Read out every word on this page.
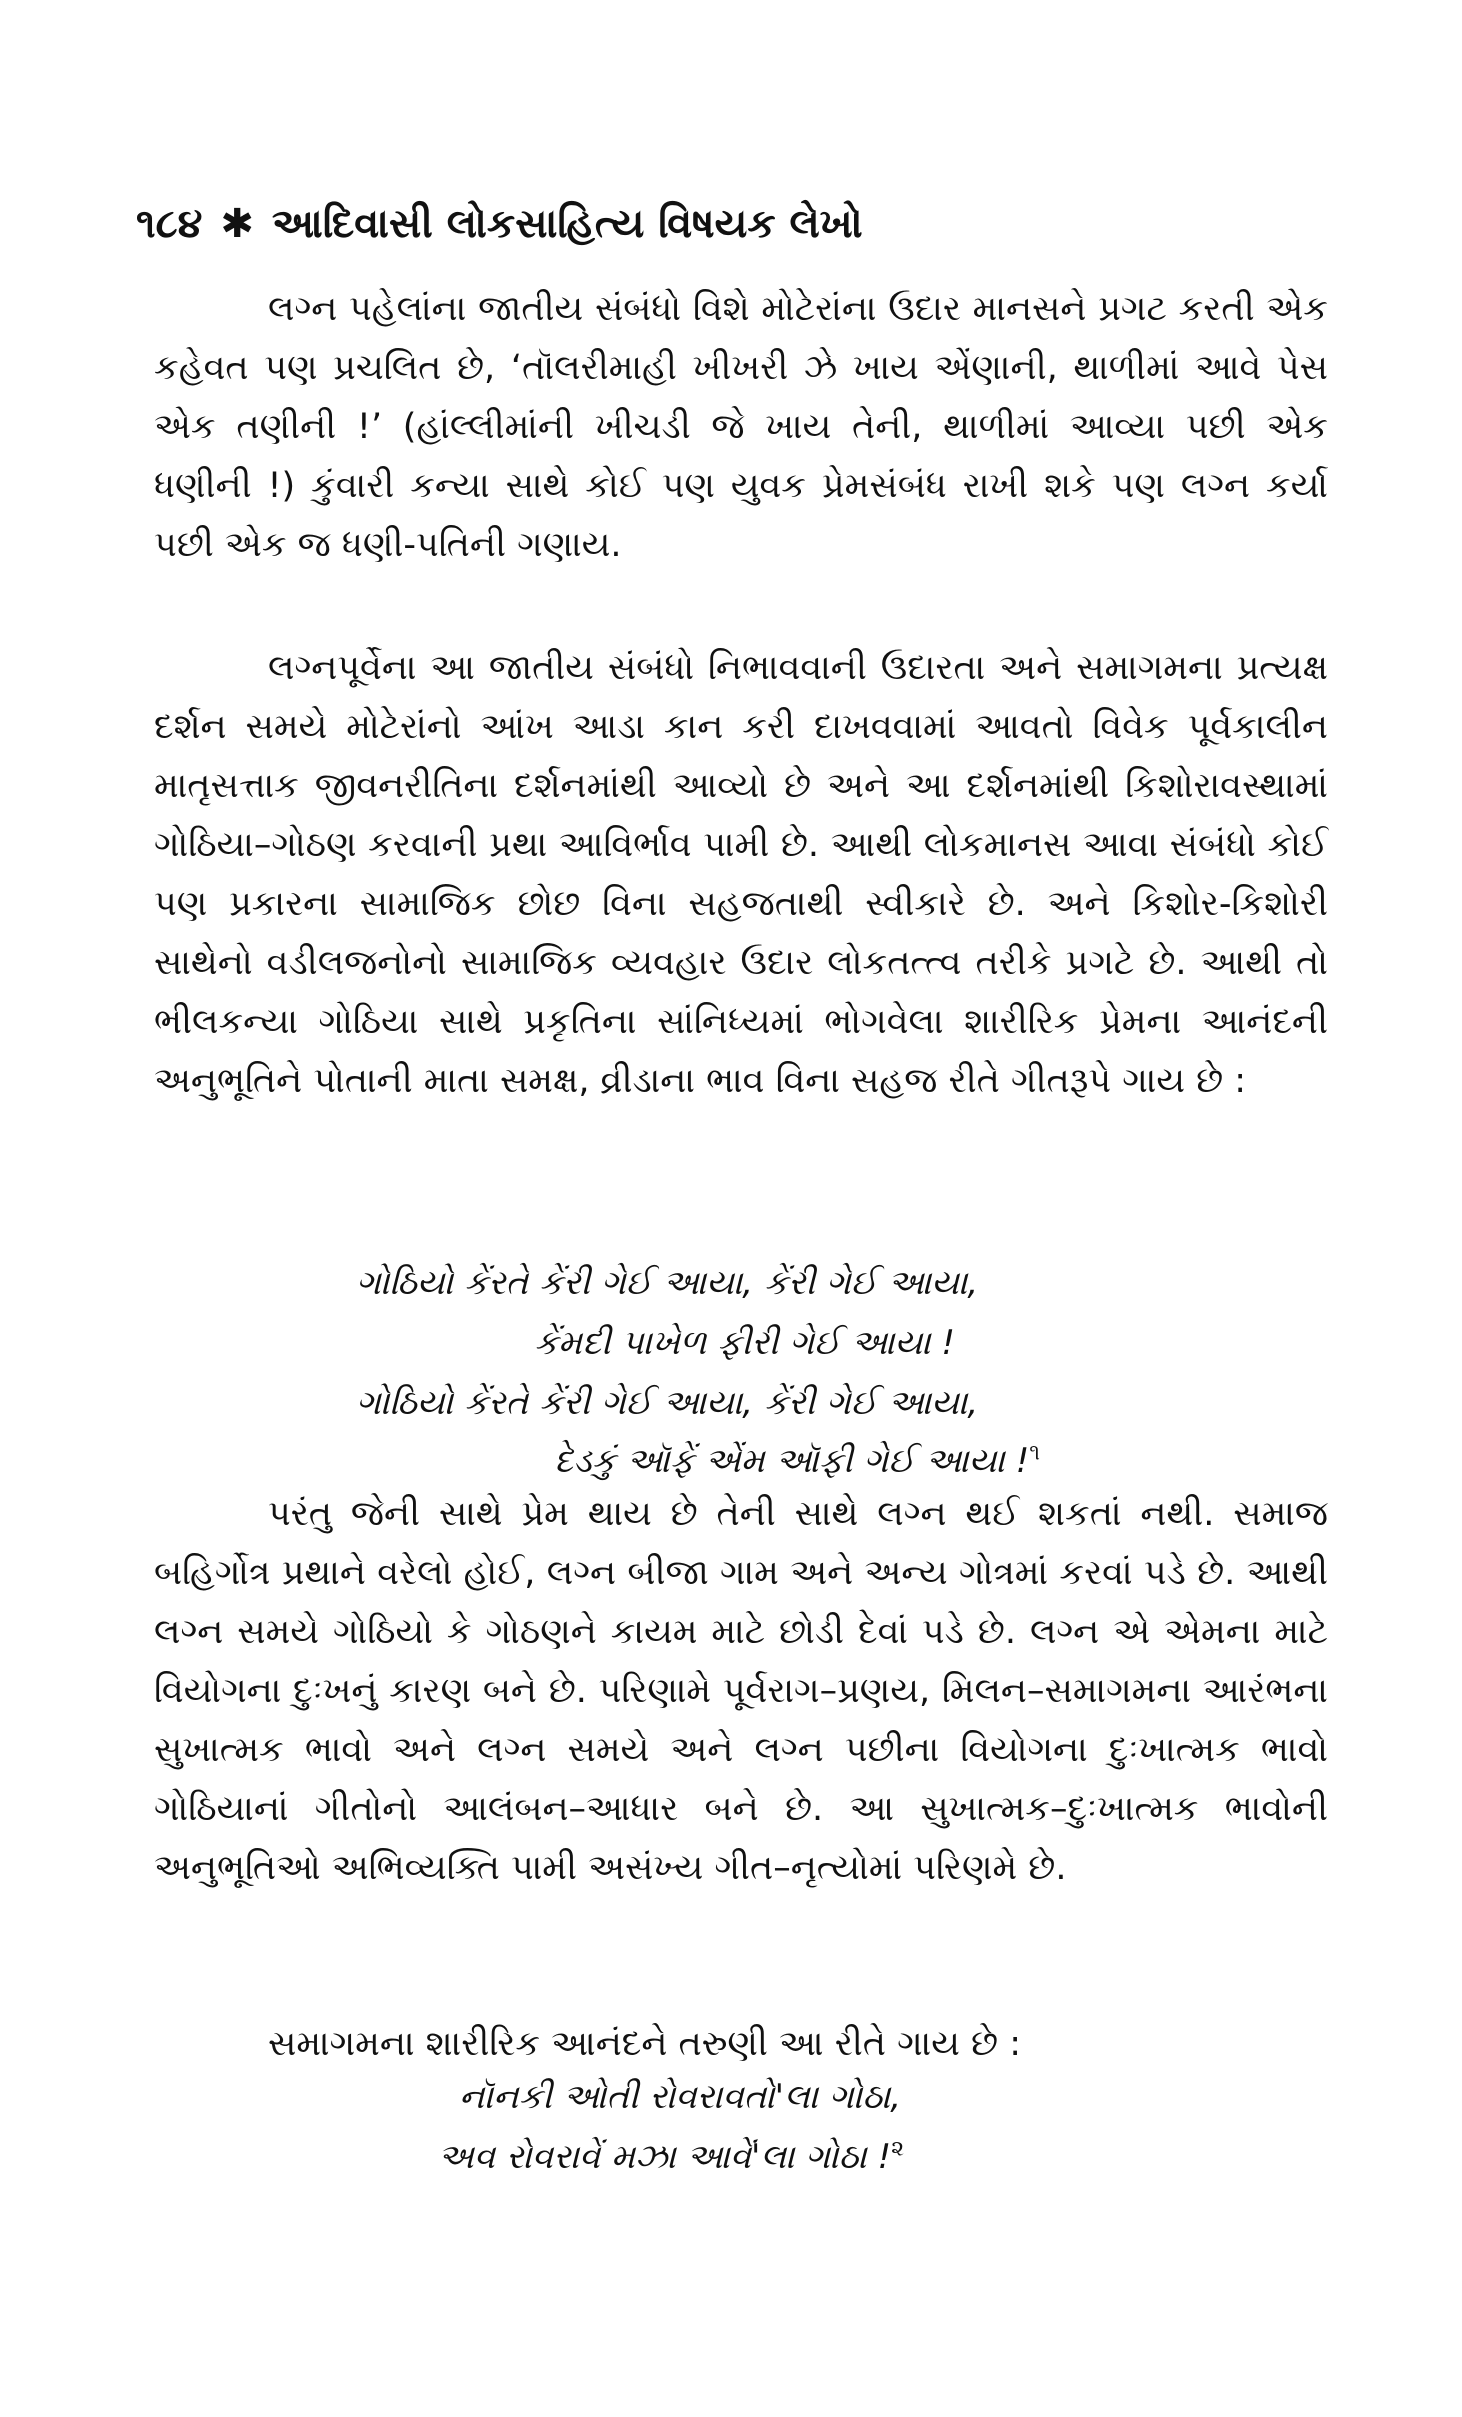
૧૮૪ ✱ આદિવાસી લોકસાહિત્ય વિષયક લેખો

લગ્ન પહેલાંના જાતીય સંબંધો વિશે મોટેરાંના ઉદાર માનસને પ્રગટ કરતી એક કહેવત પણ પ્રચલિત છે, ‘તૉલરીમાહી ખીખરી ઝે ખાય એંણાની, થાળીમાં આવે પેસ એક તણીની !’ (હાંલ્લીમાંની ખીચડી જે ખાય તેની, થાળીમાં આવ્યા પછી એક ધણીની !) કુંવારી કન્યા સાથે કોઈ પણ યુવક પ્રેમસંબંધ રાખી શકે પણ લગ્ન કર્યા પછી એક જ ધણી-પતિની ગણાય.

લગ્નપૂર્વેના આ જાતીય સંબંધો નિભાવવાની ઉદારતા અને સમાગમના પ્રત્યક્ષ દર્શન સમયે મોટેરાંનો આંખ આડા કાન કરી દાખવવામાં આવતો વિવેક પૂર્વકાલીન માતૃસત્તાક જીવનરીતિના દર્શનમાંથી આવ્યો છે અને આ દર્શનમાંથી કિશોરાવસ્થામાં ગોઠિયા–ગોઠણ કરવાની પ્રથા આવિર્ભાવ પામી છે. આથી લોકમાનસ આવા સંબંધો કોઈ પણ પ્રકારના સામાજિક છોછ વિના સહજતાથી સ્વીકારે છે. અને કિશોર-કિશોરી સાથેનો વડીલજનોનો સામાજિક વ્યવહાર ઉદાર લોકતત્ત્વ તરીકે પ્રગટે છે. આથી તો ભીલકન્યા ગોઠિયા સાથે પ્રકૃતિના સાંનિધ્યમાં ભોગવેલા શારીરિક પ્રેમના આનંદની અનુભૂતિને પોતાની માતા સમક્ષ, વ્રીડાના ભાવ વિના સહજ રીતે ગીતરૂપે ગાય છે :

ગોઠિયો કેંરતે કેંરી ગેઈ આયા, કેંરી ગેઈ આયા,

કેંમદી પાખેળ ફીરી ગેઈ આયા !

ગોઠિયો કેંરતે કેંરી ગેઈ આયા, કેંરી ગેઈ આયા,

દેડકું ઑફેં એંમ ઑફી ગેઈ આયા !$^૧$

પરંતુ જેની સાથે પ્રેમ થાય છે તેની સાથે લગ્ન થઈ શકતાં નથી. સમાજ બહિર્ગોત્ર પ્રથાને વરેલો હોઈ, લગ્ન બીજા ગામ અને અન્ય ગોત્રમાં કરવાં પડે છે. આથી લગ્ન સમયે ગોઠિયો કે ગોઠણને કાયમ માટે છોડી દેવાં પડે છે. લગ્ન એ એમના માટે વિયોગના દુઃખનું કારણ બને છે. પરિણામે પૂર્વરાગ–પ્રણય, મિલન–સમાગમના આરંભના સુખાત્મક ભાવો અને લગ્ન સમયે અને લગ્ન પછીના વિયોગના દુઃખાત્મક ભાવો ગોઠિયાનાં ગીતોનો આલંબન–આધાર બને છે. આ સુખાત્મક–દુઃખાત્મક ભાવોની અનુભૂતિઓ અભિવ્યક્તિ પામી અસંખ્ય ગીત–નૃત્યોમાં પરિણમે છે.

સમાગમના શારીરિક આનંદને તરુણી આ રીતે ગાય છે :

નૉનકી ઓતી રોવરાવતો'લા ગોઠા,

અવ રોવરાવેં મઝા આવેં'લા ગોઠા !$^૨$
